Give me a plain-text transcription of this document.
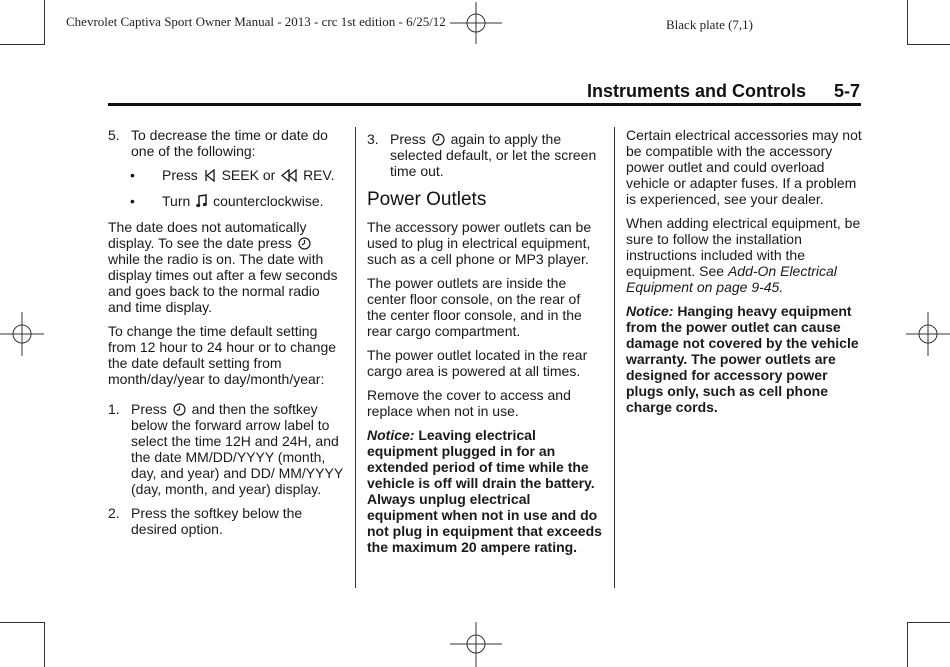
Chevrolet Captiva Sport Owner Manual - 2013 - crc 1st edition - 6/25/12	Black plate (7,1)
Instruments and Controls 5-7
5. To decrease the time or date do one of the following:
• Press SEEK or REV.
• Turn counterclockwise.

The date does not automatically display. To see the date press  while the radio is on. The date with display times out after a few seconds and goes back to the normal radio and time display.

To change the time default setting from 12 hour to 24 hour or to change the date default setting from month/day/year to day/month/year:

1. Press and then the softkey below the forward arrow label to select the time 12H and 24H, and the date MM/DD/YYYY (month, day, and year) and DD/ MM/YYYY (day, month, and year) display.
2. Press the softkey below the desired option.
3. Press again to apply the selected default, or let the screen time out.
Power Outlets

The accessory power outlets can be used to plug in electrical equipment, such as a cell phone or MP3 player.

The power outlets are inside the center floor console, on the rear of the center floor console, and in the rear cargo compartment.

The power outlet located in the rear cargo area is powered at all times.

Remove the cover to access and replace when not in use.

Notice: Leaving electrical equipment plugged in for an extended period of time while the vehicle is off will drain the battery. Always unplug electrical equipment when not in use and do not plug in equipment that exceeds the maximum 20 ampere rating.

Certain electrical accessories may not be compatible with the accessory power outlet and could overload vehicle or adapter fuses. If a problem is experienced, see your dealer.

When adding electrical equipment, be sure to follow the installation instructions included with the equipment. See Add-On Electrical Equipment on page 9-45.

Notice: Hanging heavy equipment from the power outlet can cause damage not covered by the vehicle warranty. The power outlets are designed for accessory power plugs only, such as cell phone charge cords.
